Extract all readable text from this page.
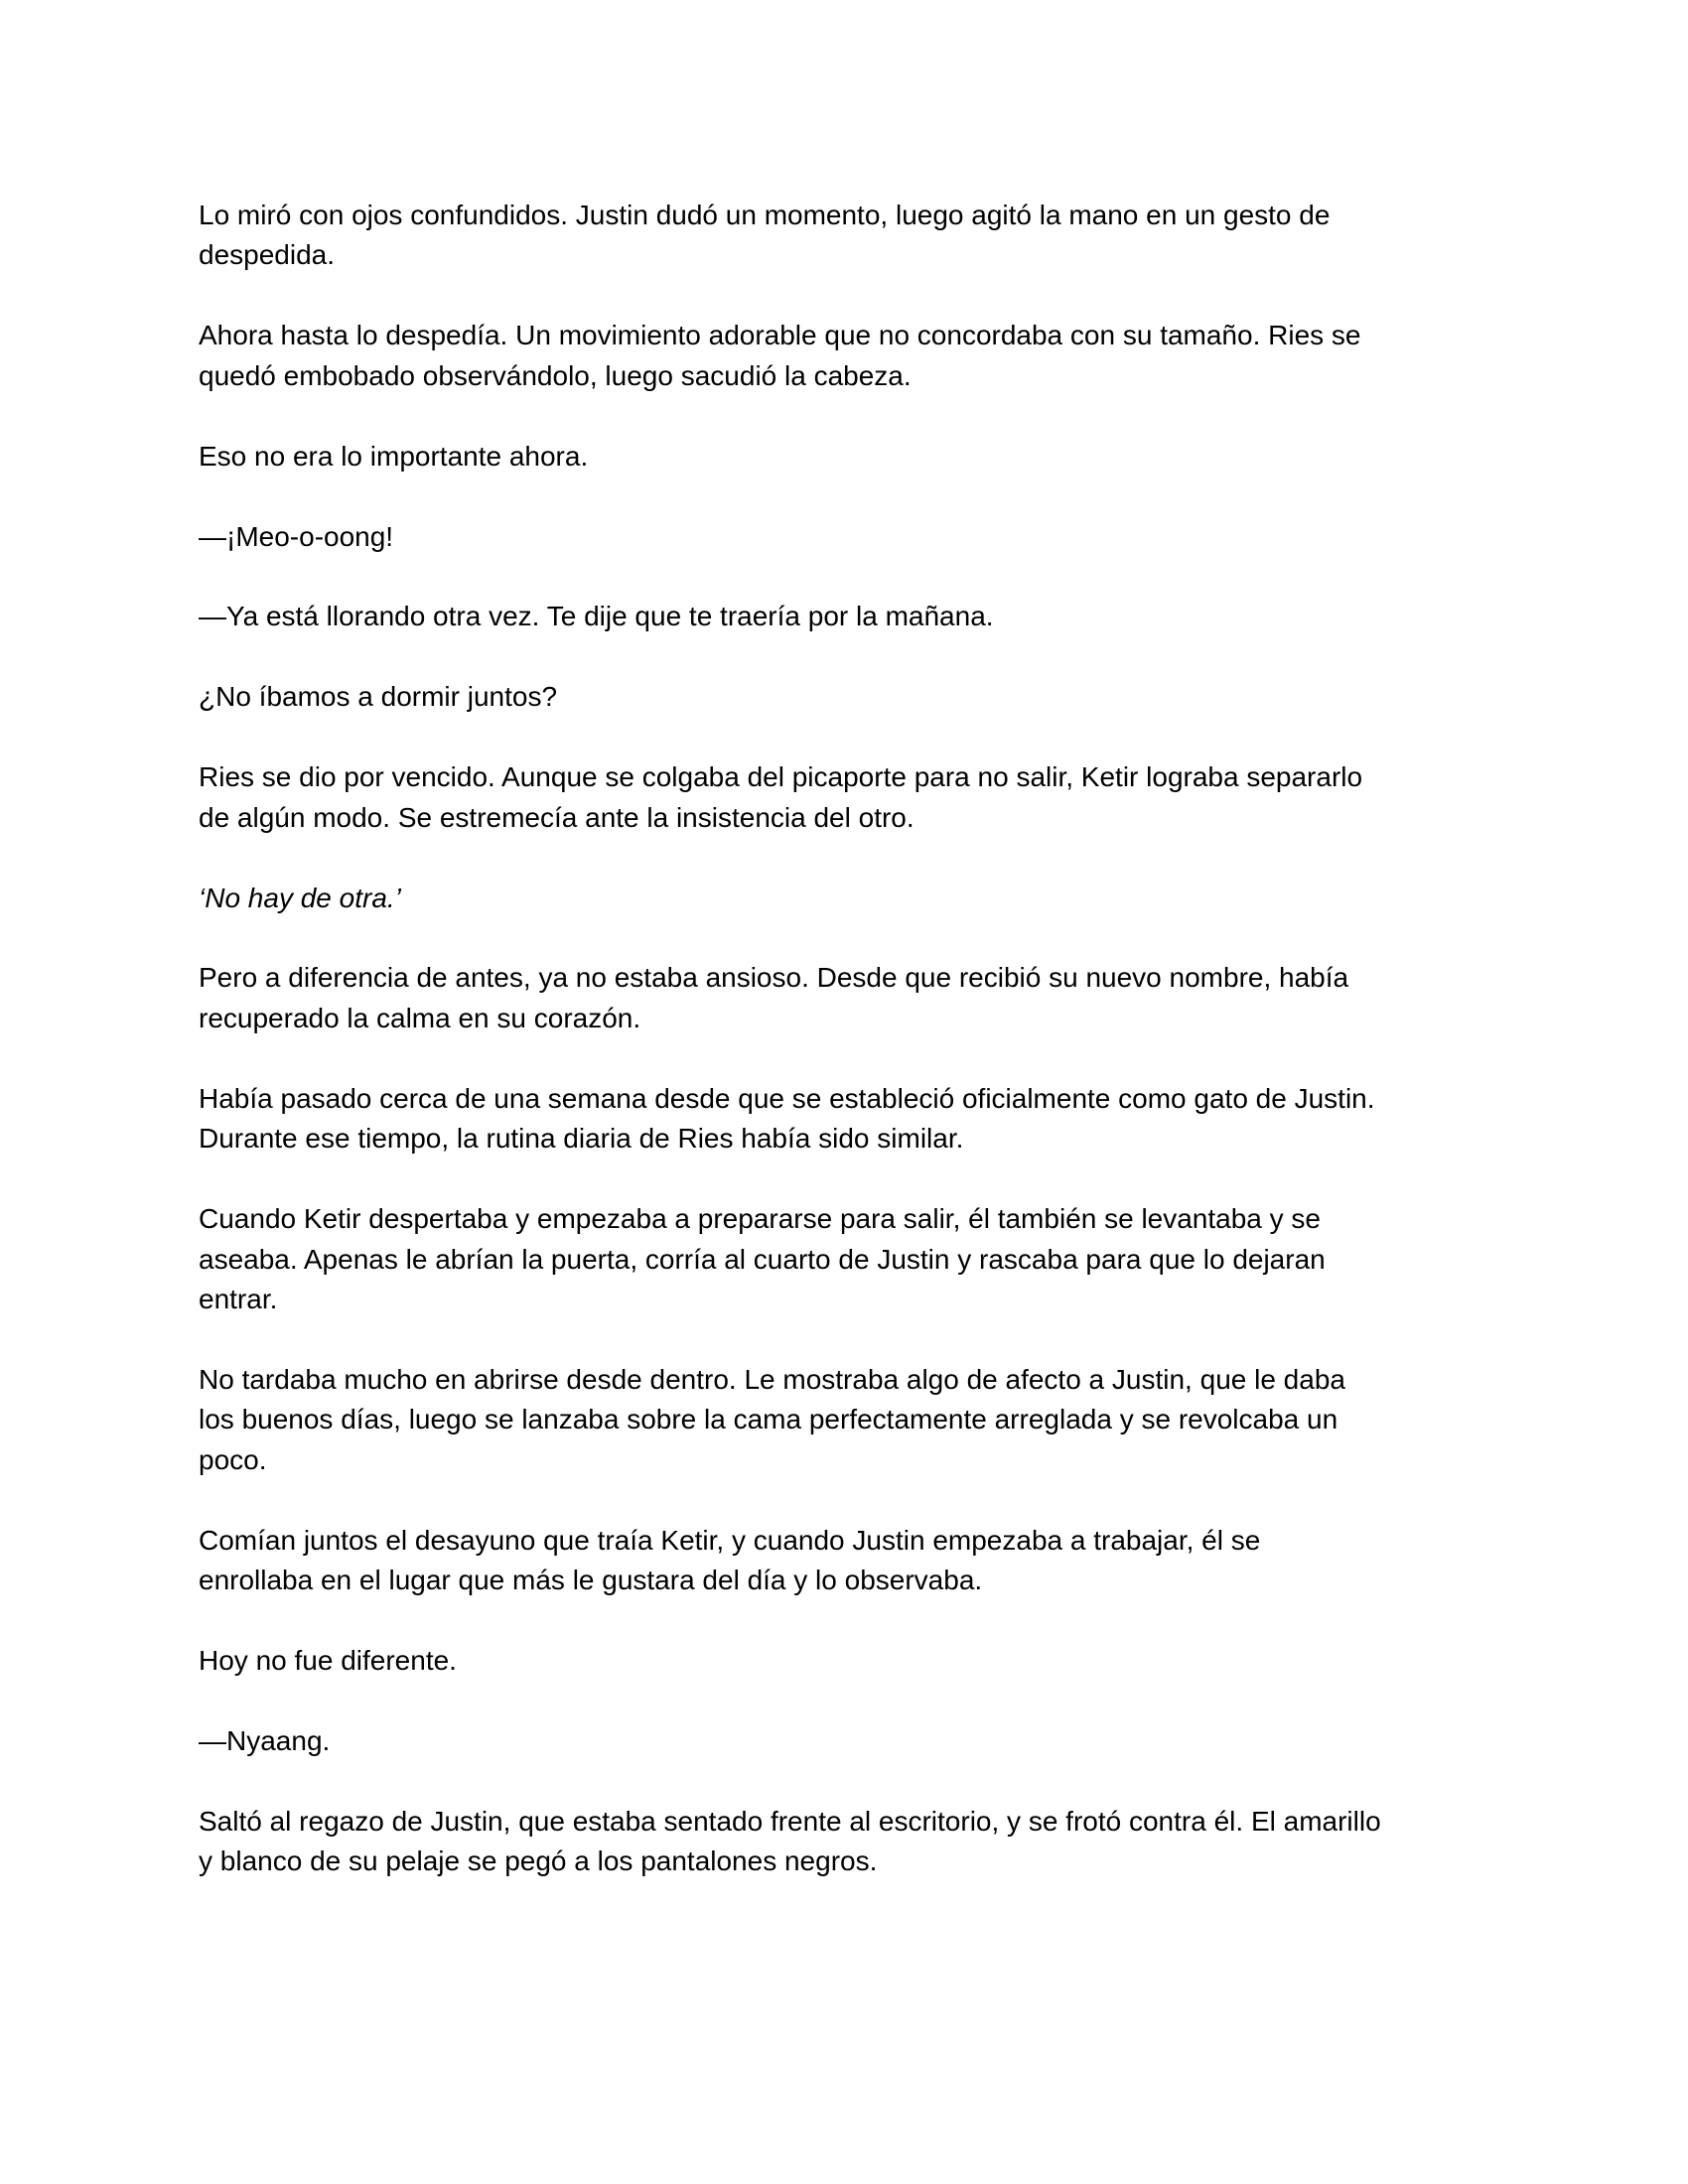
Lo miró con ojos confundidos. Justin dudó un momento, luego agitó la mano en un gesto de
despedida.

Ahora hasta lo despedía. Un movimiento adorable que no concordaba con su tamaño. Ries se
quedó embobado observándolo, luego sacudió la cabeza.

Eso no era lo importante ahora.

—¡Meo-o-oong!

—Ya está llorando otra vez. Te dije que te traería por la mañana.

¿No íbamos a dormir juntos?

Ries se dio por vencido. Aunque se colgaba del picaporte para no salir, Ketir lograba separarlo
de algún modo. Se estremecía ante la insistencia del otro.

‘No hay de otra.’

Pero a diferencia de antes, ya no estaba ansioso. Desde que recibió su nuevo nombre, había
recuperado la calma en su corazón.

Había pasado cerca de una semana desde que se estableció oficialmente como gato de Justin.
Durante ese tiempo, la rutina diaria de Ries había sido similar.

Cuando Ketir despertaba y empezaba a prepararse para salir, él también se levantaba y se
aseaba. Apenas le abrían la puerta, corría al cuarto de Justin y rascaba para que lo dejaran
entrar.

No tardaba mucho en abrirse desde dentro. Le mostraba algo de afecto a Justin, que le daba
los buenos días, luego se lanzaba sobre la cama perfectamente arreglada y se revolcaba un
poco.

Comían juntos el desayuno que traía Ketir, y cuando Justin empezaba a trabajar, él se
enrollaba en el lugar que más le gustara del día y lo observaba.

Hoy no fue diferente.

—Nyaang.

Saltó al regazo de Justin, que estaba sentado frente al escritorio, y se frotó contra él. El amarillo
y blanco de su pelaje se pegó a los pantalones negros.
